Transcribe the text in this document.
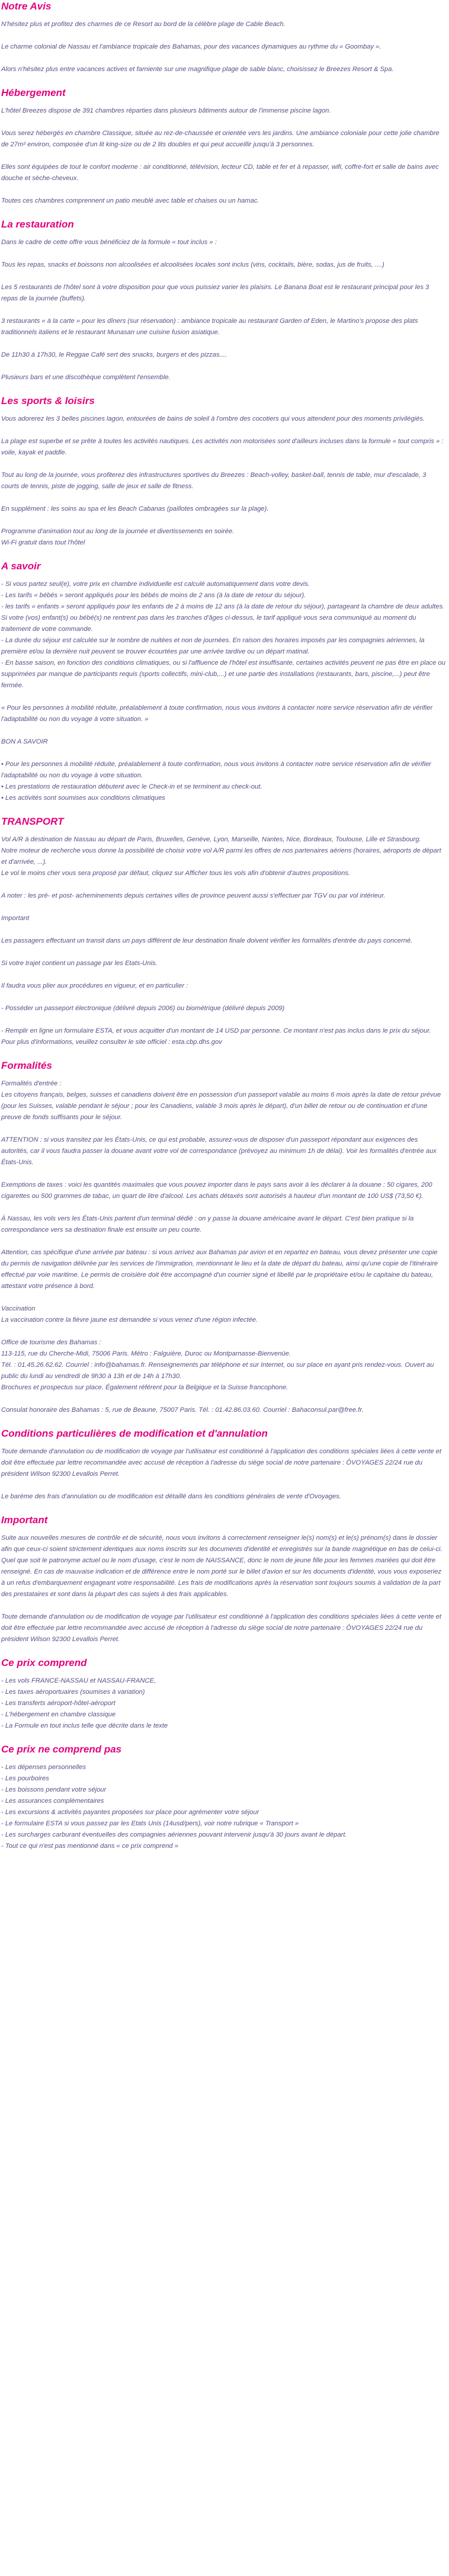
Notre Avis

N'hésitez plus et profitez des charmes de ce Resort au bord de la célèbre plage de Cable Beach.

Le charme colonial de Nassau et l'ambiance tropicale des Bahamas, pour des vacances dynamiques au rythme du « Goombay ».

Alors n'hésitez plus entre vacances actives et farniente sur une magnifique plage de sable blanc, choisissez le Breezes Resort & Spa.

Hébergement

L'hôtel Breezes dispose de 391 chambres réparties dans plusieurs bâtiments autour de l'immense piscine lagon.

Vous serez hébergés en chambre Classique, située au rez-de-chaussée et orientée vers les jardins. Une ambiance coloniale pour cette jolie chambre de 27m² environ, composée d'un lit king-size ou de 2 lits doubles et qui peut accueillir jusqu'à 3 personnes.

Elles sont équipées de tout le confort moderne : air conditionné, télévision, lecteur CD, table et fer et à repasser, wifi, coffre-fort et salle de bains avec douche et sèche-cheveux.

Toutes ces chambres comprennent un patio meublé avec table et chaises ou un hamac.

La restauration

Dans le cadre de cette offre vous bénéficiez de la formule « tout inclus » :

Tous les repas, snacks et boissons non alcoolisées et alcoolisées locales sont inclus (vins, cocktails, bière, sodas, jus de fruits, ....)

Les 5 restaurants de l'hôtel sont à votre disposition pour que vous puissiez varier les plaisirs. Le Banana Boat est le restaurant principal pour les 3 repas de la journée (buffets).

3 restaurants « à la carte » pour les dîners (sur réservation) : ambiance tropicale au restaurant Garden of Eden, le Martino's propose des plats traditionnels italiens et le restaurant Munasan une cuisine fusion asiatique.

De 11h30 à 17h30, le Reggae Café sert des snacks, burgers et des pizzas....

Plusieurs bars et une discothèque complètent l'ensemble.

Les sports & loisirs

Vous adorerez les 3 belles piscines lagon, entourées de bains de soleil à l'ombre des cocotiers qui vous attendent pour des moments privilégiés.

La plage est superbe et se prête à toutes les activités nautiques. Les activités non motorisées sont d'ailleurs incluses dans la formule « tout compris » : voile, kayak et paddle.

Tout au long de la journée, vous profiterez des infrastructures sportives du Breezes : Beach-volley, basket-ball, tennis de table, mur d'escalade, 3 courts de tennis, piste de jogging, salle de jeux et salle de fitness.

En supplément : les soins au spa et les Beach Cabanas (paillotes ombragées sur la plage).

Programme d'animation tout au long de la journée et divertissements en soirée.
Wi-Fi gratuit dans tout l'hôtel

A savoir
- Si vous partez seul(e), votre prix en chambre individuelle est calculé automatiquement dans votre devis.
- Les tarifs « bébés » seront appliqués pour les bébés de moins de 2 ans (à la date de retour du séjour).
- les tarifs « enfants » seront appliqués pour les enfants de 2 à moins de 12 ans (à la date de retour du séjour), partageant la chambre de deux adultes. Si votre (vos) enfant(s) ou bébé(s) ne rentrent pas dans les tranches d'âges ci-dessus, le tarif appliqué vous sera communiqué au moment du traitement de votre commande.
- La durée du séjour est calculée sur le nombre de nuitées et non de journées. En raison des horaires imposés par les compagnies aériennes, la première et/ou la dernière nuit peuvent se trouver écourtées par une arrivée tardive ou un départ matinal.
- En basse saison, en fonction des conditions climatiques, ou si l'affluence de l'hôtel est insuffisante, certaines activités peuvent ne pas être en place ou supprimées par manque de participants requis (sports collectifs, mini-club,...) et une partie des installations (restaurants, bars, piscine,...) peut être fermée.

« Pour les personnes à mobilité réduite, préalablement à toute confirmation, nous vous invitons à contacter notre service réservation afin de vérifier l'adaptabilité ou non du voyage à votre situation. »

BON A SAVOIR

• Pour les personnes à mobilité réduite, préalablement à toute confirmation, nous vous invitons à contacter notre service réservation afin de vérifier l'adaptabilité ou non du voyage à votre situation.
• Les prestations de restauration débutent avec le Check-in et se terminent au check-out.
• Les activités sont soumises aux conditions climatiques
TRANSPORT
Vol A/R à destination de Nassau au départ de Paris, Bruxelles, Genève, Lyon, Marseille, Nantes, Nice, Bordeaux, Toulouse, Lille et Strasbourg.
Notre moteur de recherche vous donne la possibilité de choisir votre vol A/R parmi les offres de nos partenaires aériens (horaires, aéroports de départ et d'arrivée, ...).
Le vol le moins cher vous sera proposé par défaut, cliquez sur Afficher tous les vols afin d'obtenir d'autres propositions.

A noter : les pré- et post- acheminements depuis certaines villes de province peuvent aussi s'effectuer par TGV ou par vol intérieur.

Important

Les passagers effectuant un transit dans un pays différent de leur destination finale doivent vérifier les formalités d'entrée du pays concerné.

Si votre trajet contient un passage par les Etats-Unis.

Il faudra vous plier aux procédures en vigueur, et en particulier :

- Posséder un passeport électronique (délivré depuis 2006) ou biométrique (délivré depuis 2009)

- Remplir en ligne un formulaire ESTA, et vous acquitter d'un montant de 14 USD par personne. Ce montant n'est pas inclus dans le prix du séjour. Pour plus d'informations, veuillez consulter le site officiel : esta.cbp.dhs.gov

Formalités

Formalités d'entrée :
Les citoyens français, belges, suisses et canadiens doivent être en possession d'un passeport valable au moins 6 mois après la date de retour prévue (pour les Suisses, valable pendant le séjour ; pour les Canadiens, valable 3 mois après le départ), d'un billet de retour ou de continuation et d'une preuve de fonds suffisants pour le séjour.

ATTENTION : si vous transitez par les États-Unis, ce qui est probable, assurez-vous de disposer d'un passeport répondant aux exigences des autorités, car il vous faudra passer la douane avant votre vol de correspondance (prévoyez au minimum 1h de délai). Voir les formalités d'entrée aux États-Unis.

Exemptions de taxes : voici les quantités maximales que vous pouvez importer dans le pays sans avoir à les déclarer à la douane : 50 cigares, 200 cigarettes ou 500 grammes de tabac, un quart de litre d'alcool. Les achats détaxés sont autorisés à hauteur d'un montant de 100 US$ (73,50 €).

À Nassau, les vols vers les États-Unis partent d'un terminal dédié : on y passe la douane américaine avant le départ. C'est bien pratique si la correspondance vers sa destination finale est ensuite un peu courte.

Attention, cas spécifique d'une arrivée par bateau : si vous arrivez aux Bahamas par avion et en repartez en bateau, vous devez présenter une copie du permis de navigation délivrée par les services de l'immigration, mentionnant le lieu et la date de départ du bateau, ainsi qu'une copie de l'itinéraire effectué par voie maritime. Le permis de croisière doit être accompagné d'un courrier signé et libellé par le propriétaire et/ou le capitaine du bateau, attestant votre présence à bord.

Vaccination
La vaccination contre la fièvre jaune est demandée si vous venez d'une région infectée.

Office de tourisme des Bahamas :
113-115, rue du Cherche-Midi, 75006 Paris. Métro : Falguière, Duroc ou Montparnasse-Bienvenüe.
Tél. : 01.45.26.62.62. Courriel : info@bahamas.fr. Renseignements par téléphone et sur Internet, ou sur place en ayant pris rendez-vous. Ouvert au public du lundi au vendredi de 9h30 à 13h et de 14h à 17h30.
Brochures et prospectus sur place. Également référent pour la Belgique et la Suisse francophone.

Consulat honoraire des Bahamas : 5, rue de Beaune, 75007 Paris. Tél. : 01.42.86.03.60. Courriel : Bahaconsul.par@free.fr.

Conditions particulières de modification et d'annulation

Toute demande d'annulation ou de modification de voyage par l'utilisateur est conditionné à l'application des conditions spéciales liées à cette vente et doit être effectuée par lettre recommandée avec accusé de réception à l'adresse du siège social de notre partenaire : ÔVOYAGES 22/24 rue du président Wilson 92300 Levallois Perret.

Le barème des frais d'annulation ou de modification est détaillé dans les conditions générales de vente d'Ovoyages.

Important

Suite aux nouvelles mesures de contrôle et de sécurité, nous vous invitons à correctement renseigner le(s) nom(s) et le(s) prénom(s) dans le dossier afin que ceux-ci soient strictement identiques aux noms inscrits sur les documents d'identité et enregistrés sur la bande magnétique en bas de celui-ci. Quel que soit le patronyme actuel ou le nom d'usage, c'est le nom de NAISSANCE, donc le nom de jeune fille pour les femmes mariées qui doit être renseigné. En cas de mauvaise indication et de différence entre le nom porté sur le billet d'avion et sur les documents d'identité, vous vous exposeriez à un refus d'embarquement engageant votre responsabilité. Les frais de modifications après la réservation sont toujours soumis à validation de la part des prestataires et sont dans la plupart des cas sujets à des frais applicables.

Toute demande d'annulation ou de modification de voyage par l'utilisateur est conditionné à l'application des conditions spéciales liées à cette vente et doit être effectuée par lettre recommandée avec accusé de réception à l'adresse du siège social de notre partenaire : ÔVOYAGES 22/24 rue du président Wilson 92300 Levallois Perret.

Ce prix comprend
- Les vols FRANCE-NASSAU et NASSAU-FRANCE,
- Les taxes aéroportuaires (soumises à variation)
- Les transferts aéroport-hôtel-aéroport
- L'hébergement en chambre classique
- La Formule en tout inclus telle que décrite dans le texte
Ce prix ne comprend pas
- Les dépenses personnelles
- Les pourboires
- Les boissons pendant votre séjour
- Les assurances complémentaires
- Les excursions & activités payantes proposées sur place pour agrémenter votre séjour
- Le formulaire ESTA si vous passez par les Etats Unis (14usd/pers), voir notre rubrique « Transport »
- Les surcharges carburant éventuelles des compagnies aériennes pouvant intervenir jusqu'à 30 jours avant le départ.
- Tout ce qui n'est pas mentionné dans « ce prix comprend »
